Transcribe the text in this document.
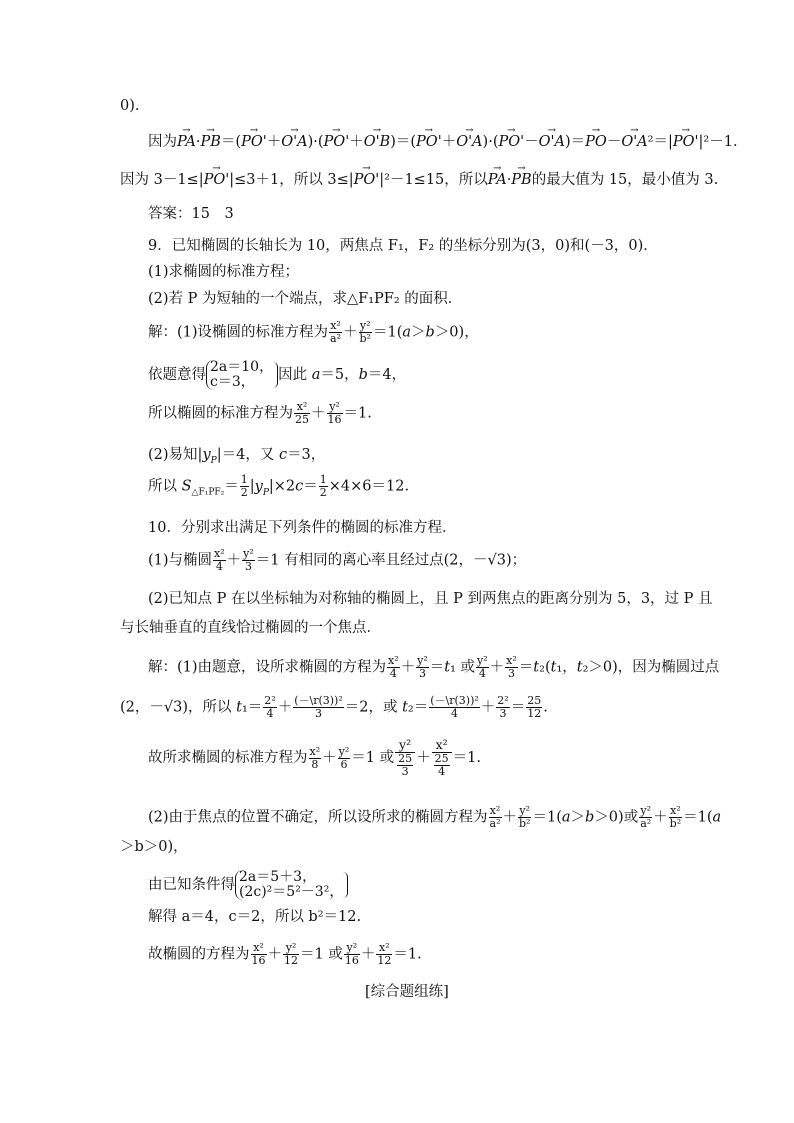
0).
因为→ PA·→ PB＝(→ PO'＋→ O'A)·(→ PO'＋→ O'B)＝(→ PO'＋→ O'A)·(→ PO'－→ O'A)＝→ PO－→ O'A²＝|→ PO'|²－1.
因为 3－1≤|→ PO'|≤3＋1，所以 3≤|→ PO'|²－1≤15，所以→ PA·→ PB的最大值为 15，最小值为 3.
答案：15　3
9．已知椭圆的长轴长为 10，两焦点 F₁，F₂ 的坐标分别为(3，0)和(－3，0)．
(1)求椭圆的标准方程；
(2)若 P 为短轴的一个端点，求△F₁PF₂ 的面积．
解：(1)设椭圆的标准方程为 $\frac{\text{x²}}{\text{a²}} + \frac{\text{y²}}{\text{b²}} =1(a>b>0)$，
依题意得 2a＝10，
c＝3， 因此 a＝5，b＝4，
所以椭圆的标准方程为 $\frac{\text{x²}}{25} + \frac{\text{y²}}{16} =1$.
(2)易知$|y_P|=4$，又 c＝3，
所以 $S_{\triangle F_1PF_2}= \frac{1}{2} |y_P|\times 2c= \frac{1}{2} \times 4\times 6=12$.
10．分别求出满足下列条件的椭圆的标准方程．
(1)与椭圆 $\frac{\text{x²}}{4} + \frac{\text{y²}}{3} =1$ 有相同的离心率且经过点(2，－√3)；
(2)已知点 P 在以坐标轴为对称轴的椭圆上，且 P 到两焦点的距离分别为 5，3，过 P 且
与长轴垂直的直线恰过椭圆的一个焦点．
解：(1)由题意，设所求椭圆的方程为 $\frac{\text{x²}}{4} + \frac{\text{y²}}{3} =t_1$ 或 $\frac{\text{y²}}{4} + \frac{\text{x²}}{3} =t_2(t_1$，t₂＞0)，因为椭圆过点
(2，－√3)，所以 $t_1= \frac{\text{2²}}{4} + \frac{\text{(－\textbackslash{}r(3))²}}{3} =2$，或 $t_2= \frac{\text{(－\textbackslash{}r(3))²}}{4} + \frac{\text{2²}}{3} = \frac{25}{12}$ .
故所求椭圆的标准方程为 $\frac{\text{x²}}{8} + \frac{\text{y²}}{6} =1$ 或 $\frac{\text{y²}}{\frac{25}{3}} + \frac{\text{x²}}{\frac{25}{4}} =1$.
(2)由于焦点的位置不确定，所以设所求的椭圆方程为 $\frac{\text{x²}}{\text{a²}} + \frac{\text{y²}}{\text{b²}} =1(a>b>0)$或 $\frac{\text{y²}}{\text{a²}} + \frac{\text{x²}}{\text{b²}} =1(a$
＞b＞0)，
由已知条件得 2a＝5＋3，
(2c)²＝5²－3²，
解得 a＝4，c＝2，所以 b²＝12.
故椭圆的方程为 $\frac{\text{x²}}{16} + \frac{\text{y²}}{12} =1$ 或 $\frac{\text{y²}}{16} + \frac{\text{x²}}{12} =1$.
[综合题组练]
